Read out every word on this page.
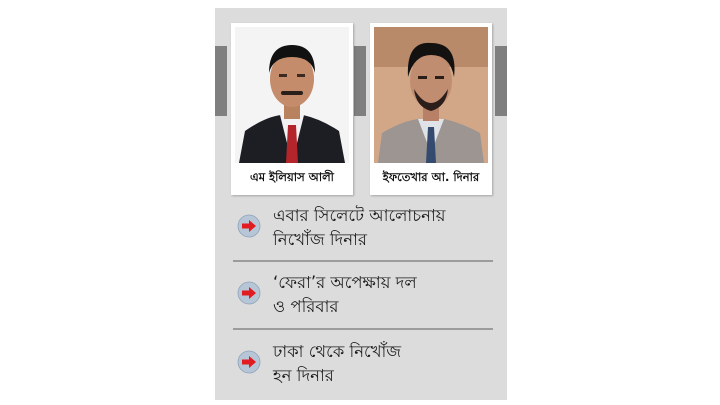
এম ইলিয়াস আলী	ইফতেখার আ. দিনার
এবার সিলেটে আলোচনায়
নিখোঁজ দিনার
‘ফেরা’র অপেক্ষায় দল
ও পরিবার
ঢাকা থেকে নিখোঁজ
হন দিনার
